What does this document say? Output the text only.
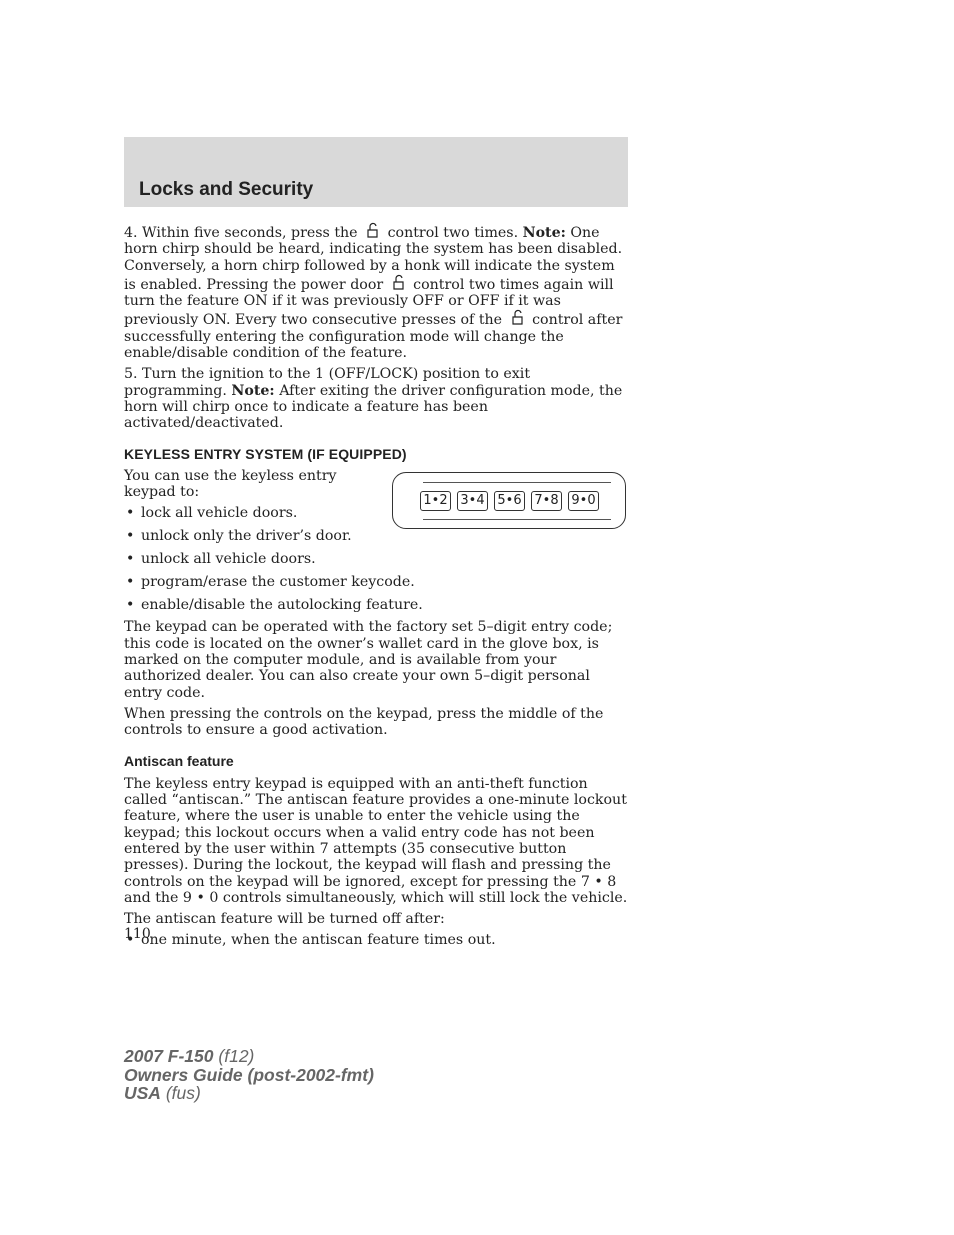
Locks and Security

4. Within five seconds, press the control two times. Note: One horn chirp should be heard, indicating the system has been disabled. Conversely, a horn chirp followed by a honk will indicate the system is enabled. Pressing the power door control two times again will turn the feature ON if it was previously OFF or OFF if it was previously ON. Every two consecutive presses of the control after successfully entering the configuration mode will change the enable/disable condition of the feature.

5. Turn the ignition to the 1 (OFF/LOCK) position to exit programming. Note: After exiting the driver configuration mode, the horn will chirp once to indicate a feature has been activated/deactivated.

KEYLESS ENTRY SYSTEM (IF EQUIPPED)

You can use the keyless entry keypad to:

• lock all vehicle doors.
• unlock only the driver’s door.
• unlock all vehicle doors.
• program/erase the customer keycode.
• enable/disable the autolocking feature.
1•2 3•4 5•6 7•8 9•0

The keypad can be operated with the factory set 5–digit entry code; this code is located on the owner’s wallet card in the glove box, is marked on the computer module, and is available from your authorized dealer. You can also create your own 5–digit personal entry code.

When pressing the controls on the keypad, press the middle of the controls to ensure a good activation.

Antiscan feature

The keyless entry keypad is equipped with an anti-theft function called “antiscan.” The antiscan feature provides a one-minute lockout feature, where the user is unable to enter the vehicle using the keypad; this lockout occurs when a valid entry code has not been entered by the user within 7 attempts (35 consecutive button presses). During the lockout, the keypad will flash and pressing the controls on the keypad will be ignored, except for pressing the 7 • 8 and the 9 • 0 controls simultaneously, which will still lock the vehicle.

The antiscan feature will be turned off after:

• one minute, when the antiscan feature times out.
110
2007 F-150 (f12)
Owners Guide (post-2002-fmt)
USA (fus)
